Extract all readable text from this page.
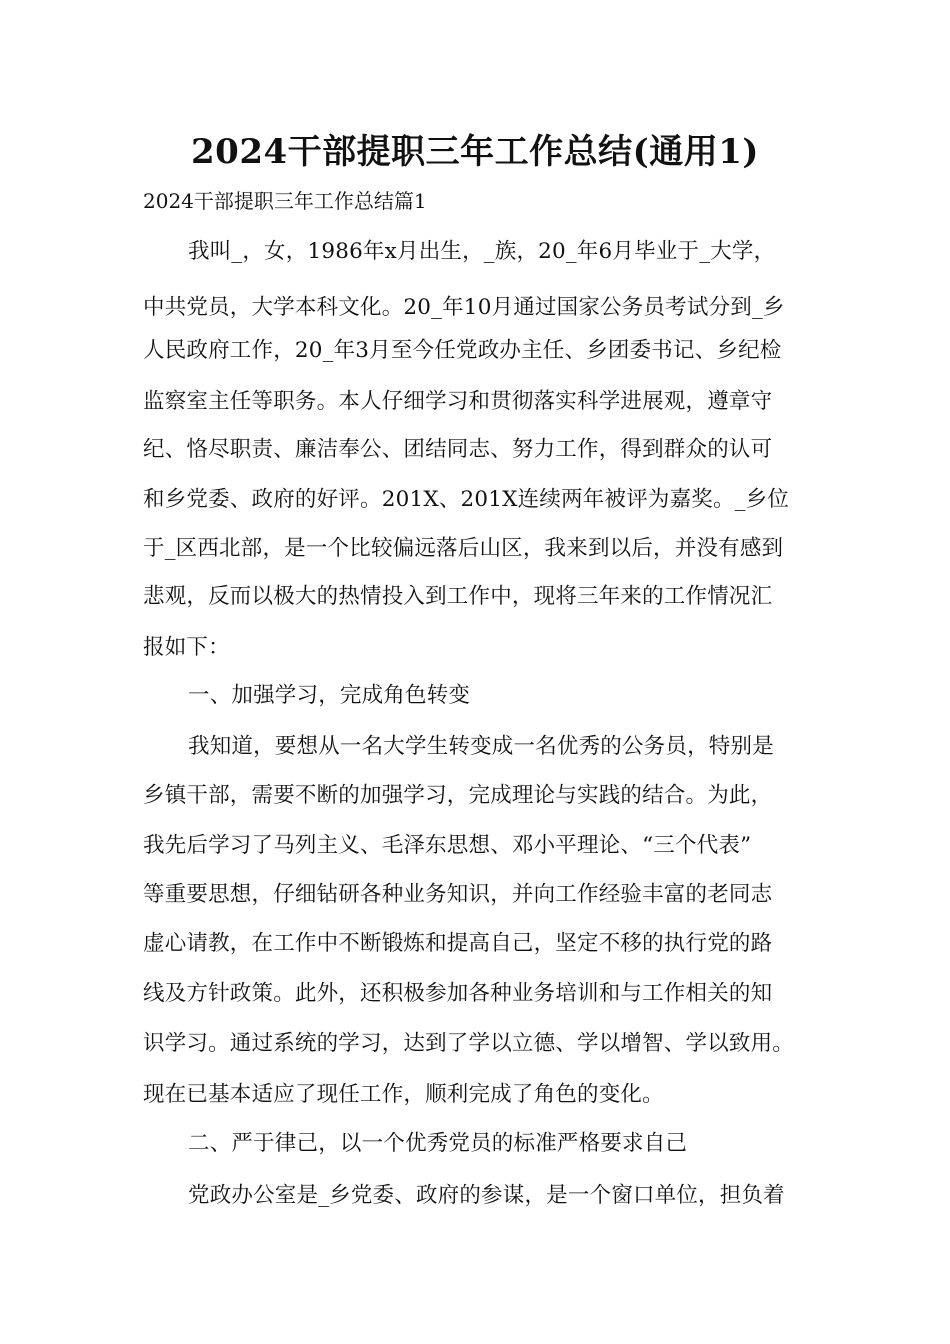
2024干部提职三年工作总结(通用1)
2024干部提职三年工作总结篇1
我叫_，女，1986年x月出生，_族，20_年6月毕业于_大学，
中共党员，大学本科文化。20_年10月通过国家公务员考试分到_乡
人民政府工作，20_年3月至今任党政办主任、乡团委书记、乡纪检
监察室主任等职务。本人仔细学习和贯彻落实科学进展观，遵章守
纪、恪尽职责、廉洁奉公、团结同志、努力工作，得到群众的认可
和乡党委、政府的好评。201X、201X连续两年被评为嘉奖。_乡位
于_区西北部，是一个比较偏远落后山区，我来到以后，并没有感到
悲观，反而以极大的热情投入到工作中，现将三年来的工作情况汇
报如下：
一、加强学习，完成角色转变
我知道，要想从一名大学生转变成一名优秀的公务员，特别是
乡镇干部，需要不断的加强学习，完成理论与实践的结合。为此，
我先后学习了马列主义、毛泽东思想、邓小平理论、“三个代表”
等重要思想，仔细钻研各种业务知识，并向工作经验丰富的老同志
虚心请教，在工作中不断锻炼和提高自己，坚定不移的执行党的路
线及方针政策。此外，还积极参加各种业务培训和与工作相关的知
识学习。通过系统的学习，达到了学以立德、学以增智、学以致用。
现在已基本适应了现任工作，顺利完成了角色的变化。
二、严于律己，以一个优秀党员的标准严格要求自己
党政办公室是_乡党委、政府的参谋，是一个窗口单位，担负着
